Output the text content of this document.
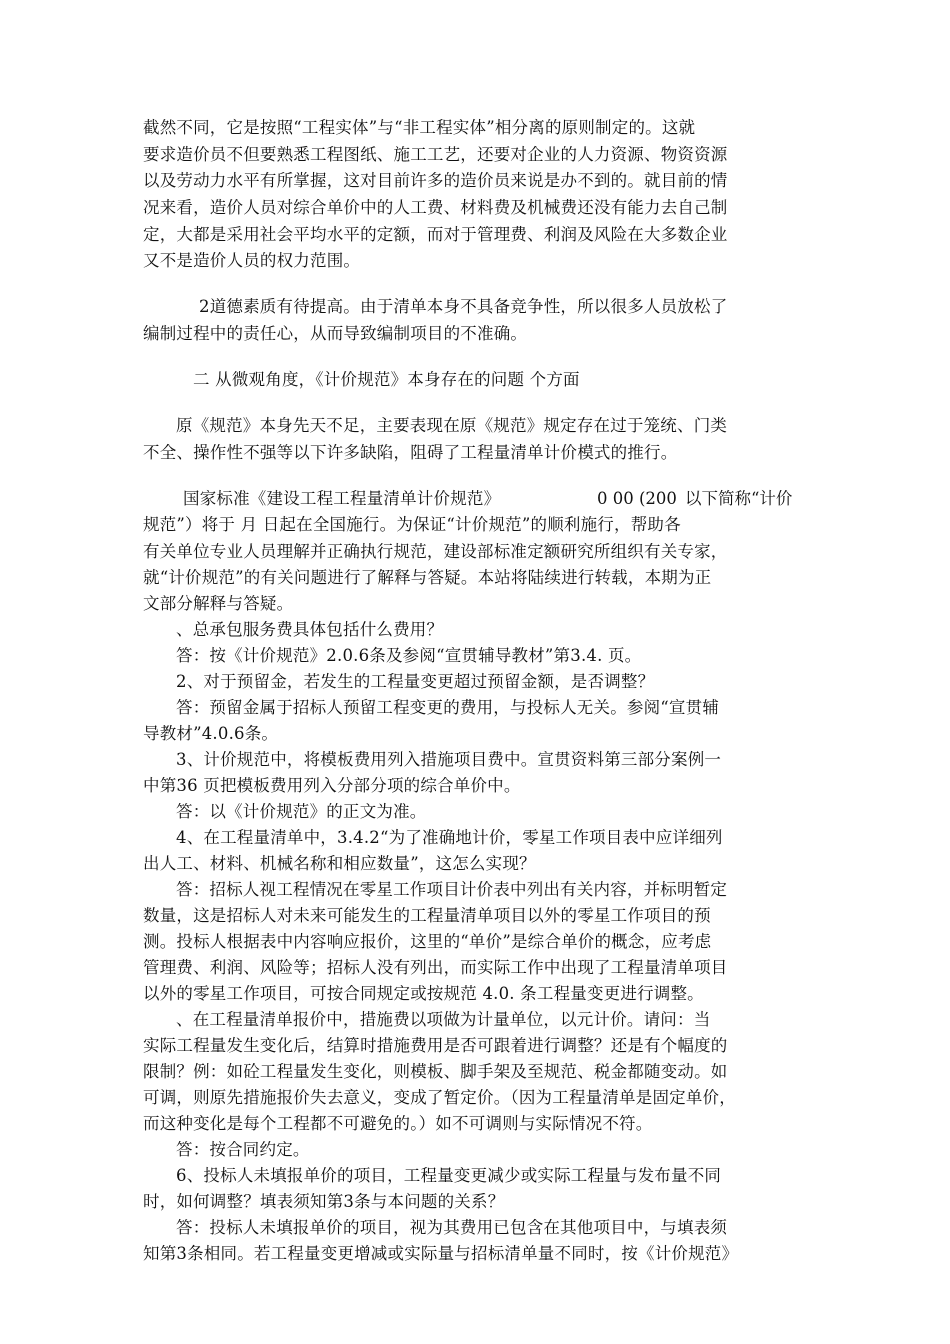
截然不同，它是按照“工程实体”与“非工程实体”相分离的原则制定的。这就
要求造价员不但要熟悉工程图纸、施工工艺，还要对企业的人力资源、物资资源
以及劳动力水平有所掌握，这对目前许多的造价员来说是办不到的。就目前的情
况来看，造价人员对综合单价中的人工费、材料费及机械费还没有能力去自己制
定，大都是采用社会平均水平的定额，而对于管理费、利润及风险在大多数企业
又不是造价人员的权力范围。
2道德素质有待提高。由于清单本身不具备竞争性，所以很多人员放松了
编制过程中的责任心，从而导致编制项目的不准确。
二 从微观角度，《计价规范》本身存在的问题 个方面
原《规范》本身先天不足，主要表现在原《规范》规定存在过于笼统、门类
不全、操作性不强等以下许多缺陷，阻碍了工程量清单计价模式的推行。
国家标准《建设工程工程量清单计价规范》	0 00 (200 以下简称“计价
规范”）将于 月 日起在全国施行。为保证“计价规范”的顺利施行，帮助各
有关单位专业人员理解并正确执行规范，建设部标准定额研究所组织有关专家，
就“计价规范”的有关问题进行了解释与答疑。本站将陆续进行转载，本期为正
文部分解释与答疑。
、总承包服务费具体包括什么费用？
答：按《计价规范》2.0.6条及参阅“宣贯辅导教材”第3.4. 页。
2、对于预留金，若发生的工程量变更超过预留金额，是否调整？
答：预留金属于招标人预留工程变更的费用，与投标人无关。参阅“宣贯辅
导教材”4.0.6条。
3、计价规范中，将模板费用列入措施项目费中。宣贯资料第三部分案例一
中第36 页把模板费用列入分部分项的综合单价中。
答：以《计价规范》的正文为准。
4、在工程量清单中，3.4.2“为了准确地计价，零星工作项目表中应详细列
出人工、材料、机械名称和相应数量”，这怎么实现？
答：招标人视工程情况在零星工作项目计价表中列出有关内容，并标明暂定
数量，这是招标人对未来可能发生的工程量清单项目以外的零星工作项目的预
测。投标人根据表中内容响应报价，这里的“单价”是综合单价的概念，应考虑
管理费、利润、风险等；招标人没有列出，而实际工作中出现了工程量清单项目
以外的零星工作项目，可按合同规定或按规范 4.0. 条工程量变更进行调整。
、在工程量清单报价中，措施费以项做为计量单位，以元计价。请问：当
实际工程量发生变化后，结算时措施费用是否可跟着进行调整？还是有个幅度的
限制？例：如砼工程量发生变化，则模板、脚手架及至规范、税金都随变动。如
可调，则原先措施报价失去意义，变成了暂定价。（因为工程量清单是固定单价，
而这种变化是每个工程都不可避免的。）如不可调则与实际情况不符。
答：按合同约定。
6、投标人未填报单价的项目，工程量变更减少或实际工程量与发布量不同
时，如何调整？填表须知第3条与本问题的关系？
答：投标人未填报单价的项目，视为其费用已包含在其他项目中，与填表须
知第3条相同。若工程量变更增减或实际量与招标清单量不同时，按《计价规范》
